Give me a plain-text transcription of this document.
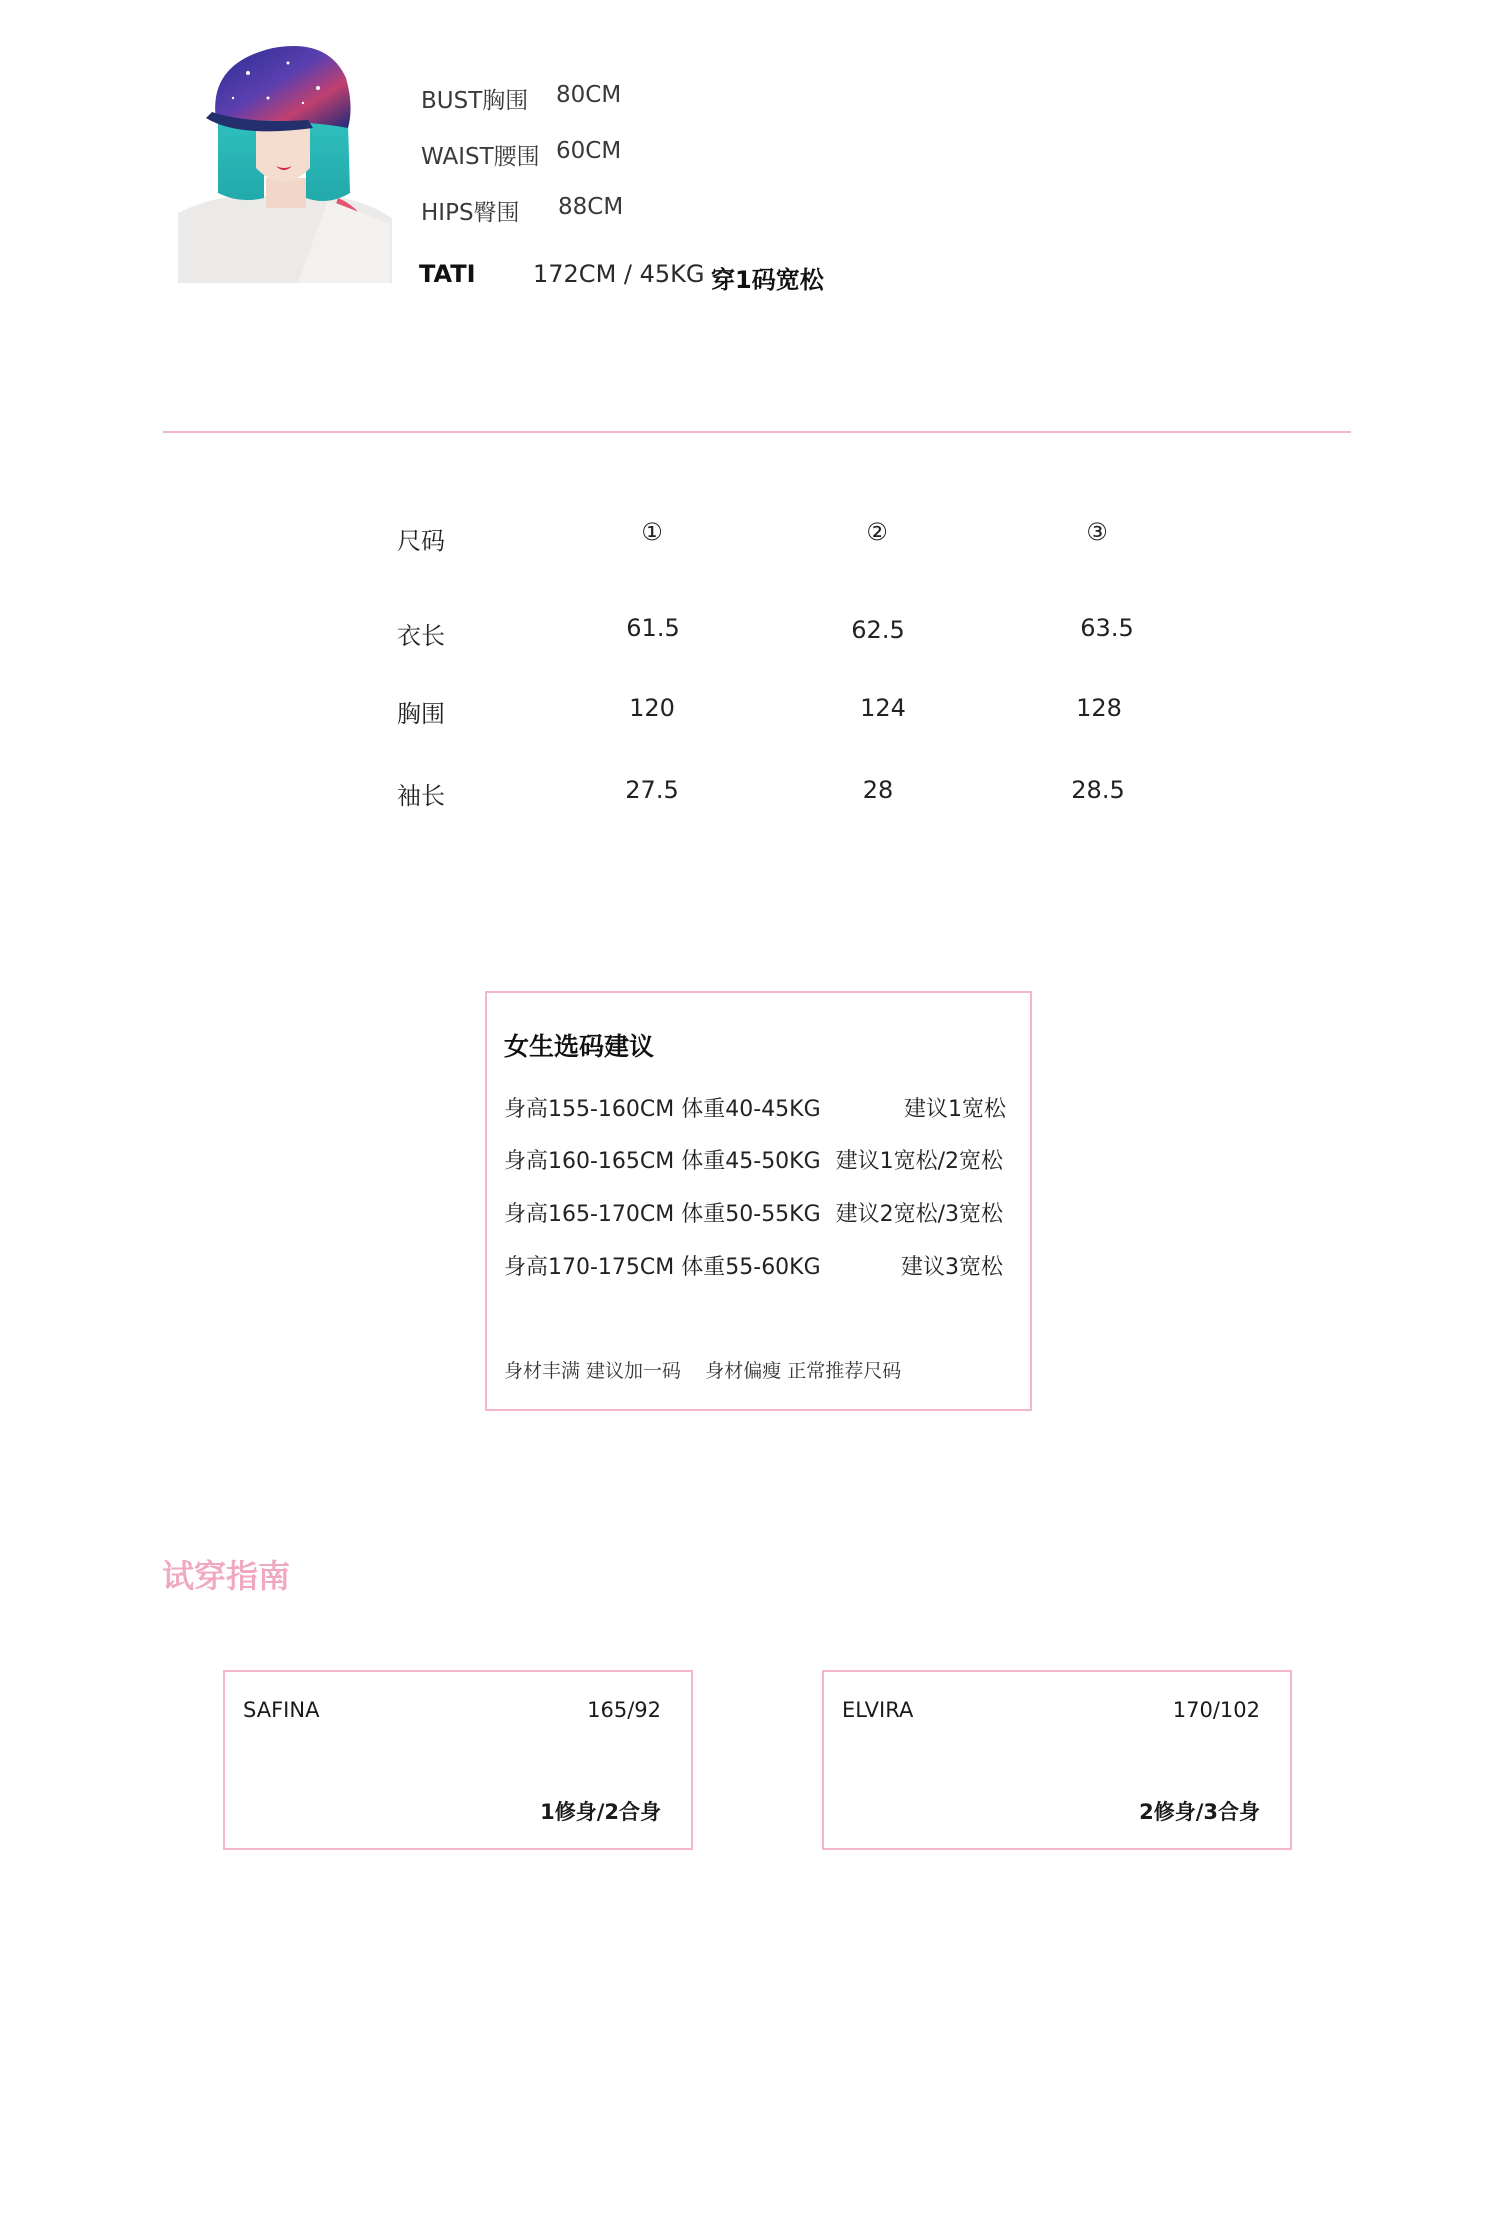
BUST胸围 80CM
WAIST腰围 60CM
HIPS臀围 88CM
TATI 172CM / 45KG 穿1码宽松
尺码	①	②	③
衣长	61.5	62.5	63.5
胸围	120	124	128
袖长	27.5	28	28.5
女生选码建议
身高155-160CM 体重40-45KG	建议1宽松
身高160-165CM 体重45-50KG 建议1宽松/2宽松
身高165-170CM 体重50-55KG 建议2宽松/3宽松
身高170-175CM 体重55-60KG	建议3宽松
身材丰满 建议加一码    身材偏瘦 正常推荐尺码
试穿指南
SAFINA	165/92
1修身/2合身
ELVIRA	170/102
2修身/3合身
